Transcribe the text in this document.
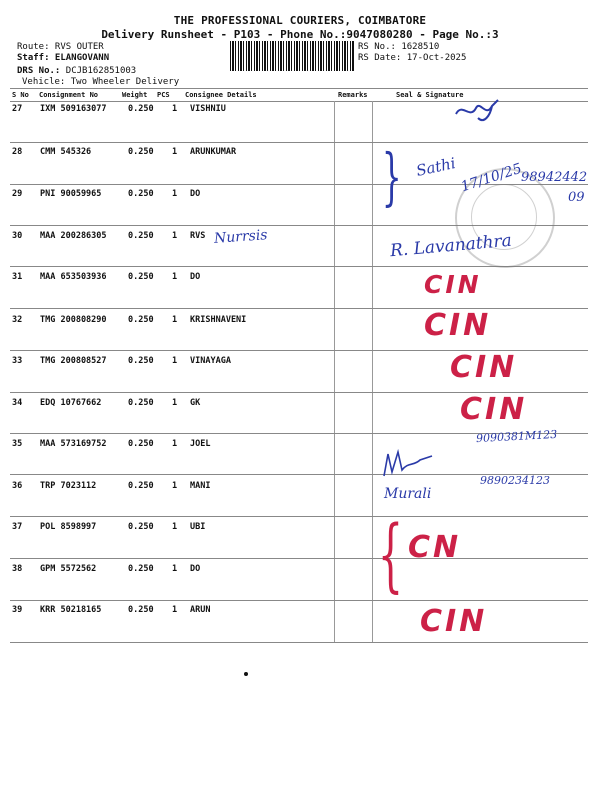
THE PROFESSIONAL COURIERS, COIMBATORE
Delivery Runsheet - P103 - Phone No.:9047080280 - Page No.:3
Route: RVS OUTER
Staff: ELANGOVANN
DRS No.: DCJB162851003
Vehicle: Two Wheeler Delivery
RS No.: 1628510
RS Date: 17-Oct-2025
S No Consignment No	Weight PCS Consignee Details	Remarks	Seal & Signature
27 IXM 509163077	0.250 1 VISHNIU
28 CMM 545326	0.250 1 ARUNKUMAR
29 PNI 90059965	0.250 1 DO
30 MAA 200286305	0.250 1 RVS
31 MAA 653503936	0.250 1 DO
32 TMG 200808290	0.250 1 KRISHNAVENI
33 TMG 200808527	0.250 1 VINAYAGA
34 EDQ 10767662	0.250 1 GK
35 MAA 573169752	0.250 1 JOEL
36 TRP 7023112	0.250 1 MANI
37 POL 8598997	0.250 1 UBI
38 GPM 5572562	0.250 1 DO
39 KRR 50218165	0.250 1 ARUN
} Sathi 17/10/25
98942442
09
Nurrsis	R. Lavanathra
CIN
CIN
CIN
CIN
9090381M123
Murali
9890234123
{ CN
CIN
